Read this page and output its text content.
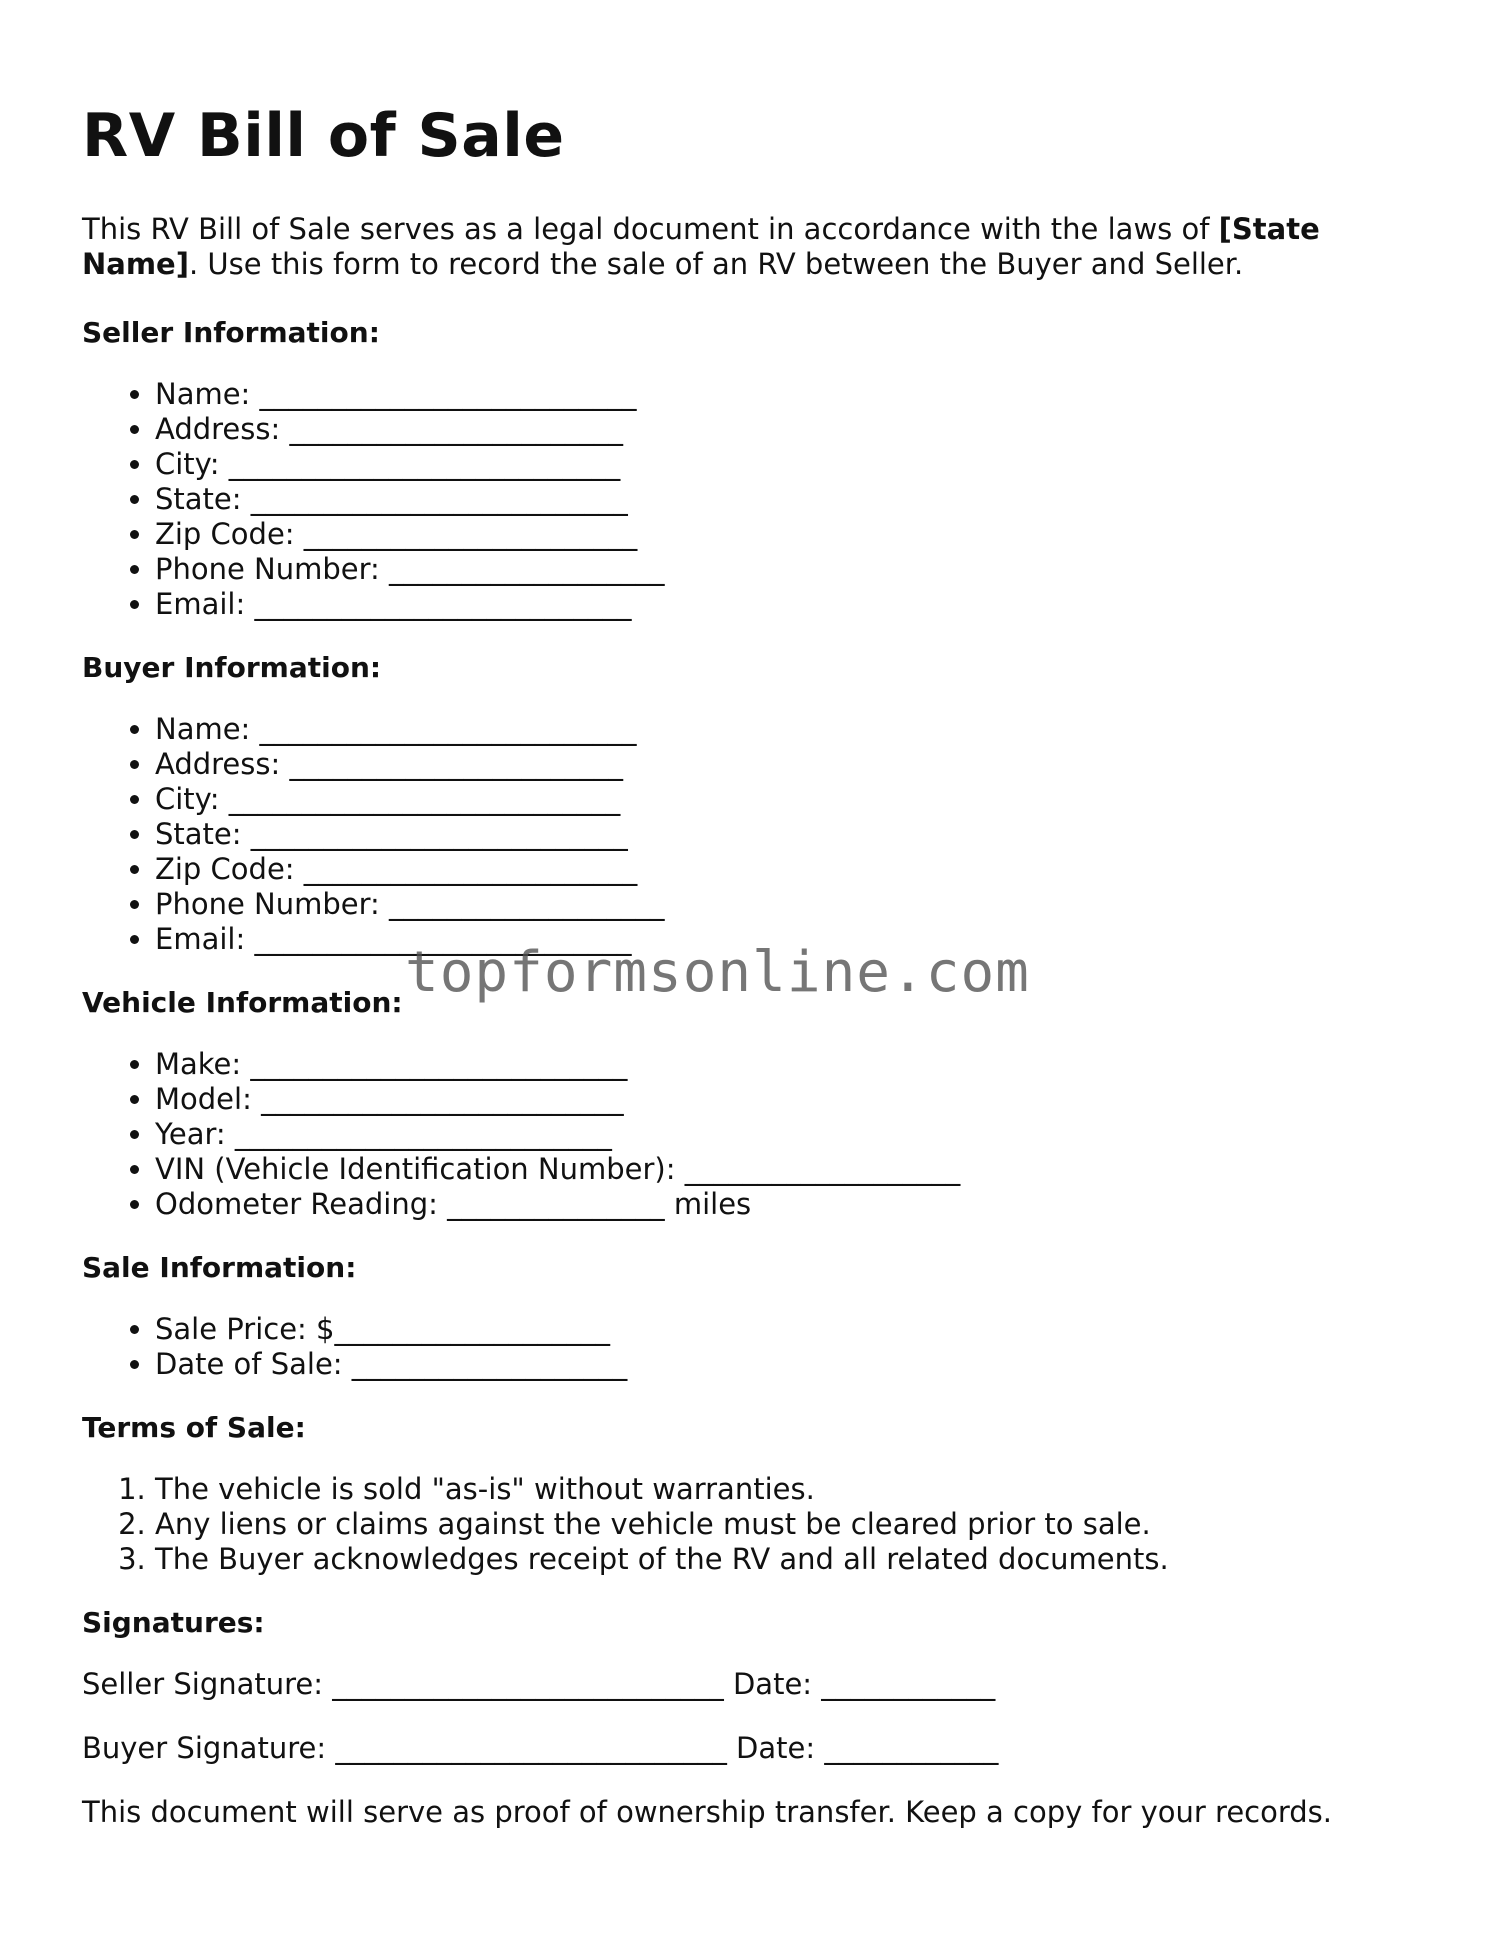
RV Bill of Sale

This RV Bill of Sale serves as a legal document in accordance with the laws of [State Name]. Use this form to record the sale of an RV between the Buyer and Seller.

Seller Information:
• Name: __________________________
• Address: _______________________
• City: ___________________________
• State: __________________________
• Zip Code: _______________________
• Phone Number: ___________________
• Email: __________________________
Buyer Information:
• Name: __________________________
• Address: _______________________
• City: ___________________________
• State: __________________________
• Zip Code: _______________________
• Phone Number: ___________________
• Email: __________________________
Vehicle Information:
• Make: __________________________
• Model: _________________________
• Year: __________________________
• VIN (Vehicle Identification Number): ___________________
• Odometer Reading: _______________ miles
Sale Information:
• Sale Price: $___________________
• Date of Sale: ___________________
Terms of Sale:
1. The vehicle is sold "as-is" without warranties.
2. Any liens or claims against the vehicle must be cleared prior to sale.
3. The Buyer acknowledges receipt of the RV and all related documents.
Signatures:

Seller Signature: ___________________________ Date: ____________

Buyer Signature: ___________________________ Date: ____________

This document will serve as proof of ownership transfer. Keep a copy for your records.

topformsonline.com
